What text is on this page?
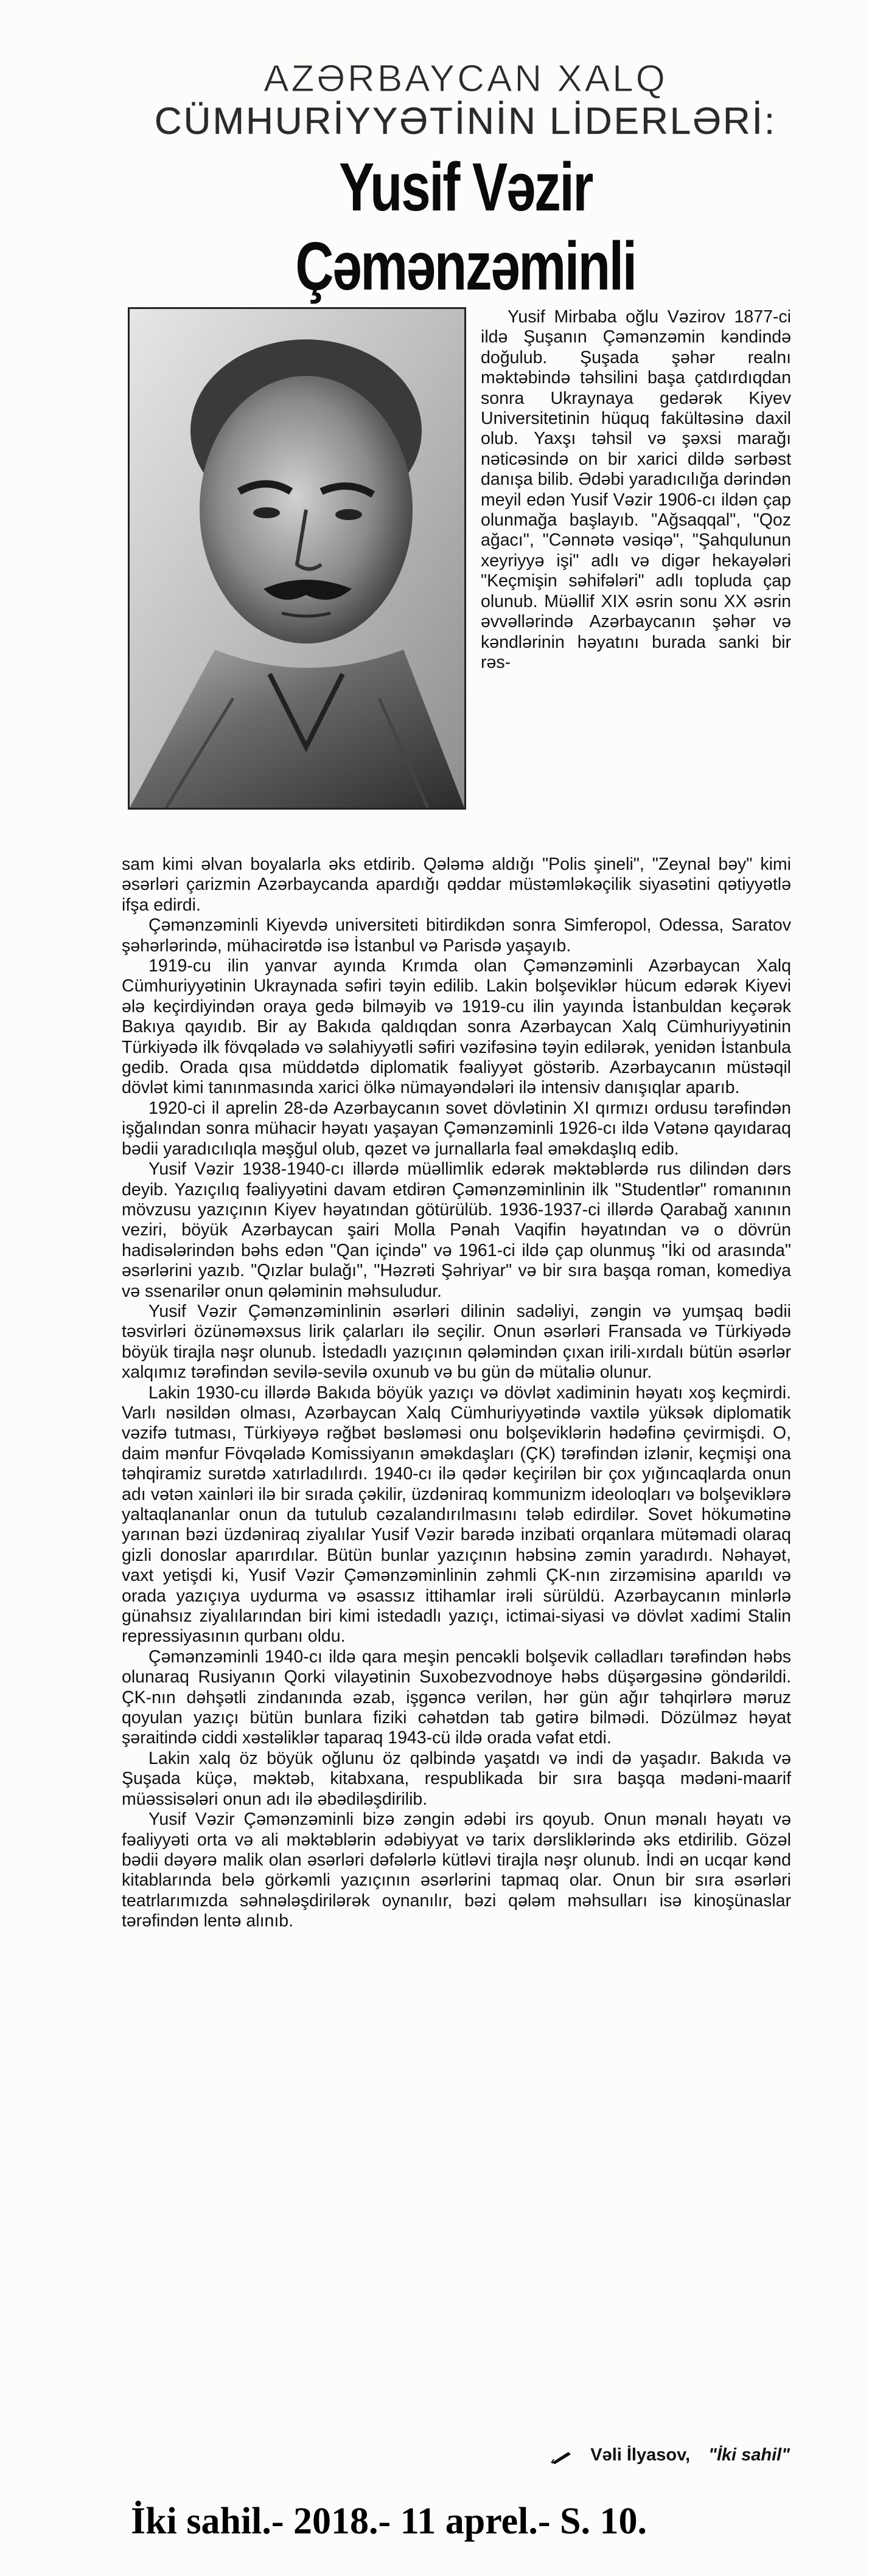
AZƏRBAYCAN XALQ
CÜMHURİYYƏTİNİN LİDERLƏRİ:
Yusif Vəzir Çəmənzəminli

Yusif Mirbaba oğlu Vəzirov 1877-ci ildə Şuşanın Çəmənzəmin kəndində doğulub. Şuşada şəhər realnı məktəbində təhsilini başa çatdırdıqdan sonra Ukraynaya gedərək Kiyev Universitetinin hüquq fakültəsinə daxil olub. Yaxşı təhsil və şəxsi marağı nəticəsində on bir xarici dildə sərbəst danışa bilib. Ədəbi yaradıcılığa dərindən meyil edən Yusif Vəzir 1906-cı ildən çap olunmağa başlayıb. "Ağsaqqal", "Qoz ağacı", "Cənnətə vəsiqə", "Şahqulunun xeyriyyə işi" adlı və digər hekayələri "Keçmişin səhifələri" adlı topluda çap olunub. Müəllif XIX əsrin sonu XX əsrin əvvəllərində Azərbaycanın şəhər və kəndlərinin həyatını burada sanki bir rəs-

sam kimi əlvan boyalarla əks etdirib. Qələmə aldığı "Polis şineli", "Zeynal bəy" kimi əsərləri çarizmin Azərbaycanda apardığı qəddar müstəmləkəçilik siyasətini qətiyyətlə ifşa edirdi.

Çəmənzəminli Kiyevdə universiteti bitirdikdən sonra Simferopol, Odessa, Saratov şəhərlərində, mühacirətdə isə İstanbul və Parisdə yaşayıb.

1919-cu ilin yanvar ayında Krımda olan Çəmənzəminli Azərbaycan Xalq Cümhuriyyətinin Ukraynada səfiri təyin edilib. Lakin bolşeviklər hücum edərək Kiyevi ələ keçirdiyindən oraya gedə bilməyib və 1919-cu ilin yayında İstanbuldan keçərək Bakıya qayıdıb. Bir ay Bakıda qaldıqdan sonra Azərbaycan Xalq Cümhuriyyətinin Türkiyədə ilk fövqəladə və səlahiyyətli səfiri vəzifəsinə təyin edilərək, yenidən İstanbula gedib. Orada qısa müddətdə diplomatik fəaliyyət göstərib. Azərbaycanın müstəqil dövlət kimi tanınmasında xarici ölkə nümayəndələri ilə intensiv danışıqlar aparıb.

1920-ci il aprelin 28-də Azərbaycanın sovet dövlətinin XI qırmızı ordusu tərəfindən işğalından sonra mühacir həyatı yaşayan Çəmənzəminli 1926-cı ildə Vətənə qayıdaraq bədii yaradıcılıqla məşğul olub, qəzet və jurnallarla fəal əməkdaşlıq edib.

Yusif Vəzir 1938-1940-cı illərdə müəllimlik edərək məktəblərdə rus dilindən dərs deyib. Yazıçılıq fəaliyyətini davam etdirən Çəmənzəminlinin ilk "Studentlər" romanının mövzusu yazıçının Kiyev həyatından götürülüb. 1936-1937-ci illərdə Qarabağ xanının veziri, böyük Azərbaycan şairi Molla Pənah Vaqifin həyatından və o dövrün hadisələrindən bəhs edən "Qan içində" və 1961-ci ildə çap olunmuş "İki od arasında" əsərlərini yazıb. "Qızlar bulağı", "Həzrəti Şəhriyar" və bir sıra başqa roman, komediya və ssenarilər onun qələminin məhsuludur.

Yusif Vəzir Çəmənzəminlinin əsərləri dilinin sadəliyi, zəngin və yumşaq bədii təsvirləri özünəməxsus lirik çalarları ilə seçilir. Onun əsərləri Fransada və Türkiyədə böyük tirajla nəşr olunub. İstedadlı yazıçının qələmindən çıxan irili-xırdalı bütün əsərlər xalqımız tərəfindən sevilə-sevilə oxunub və bu gün də mütaliə olunur.

Lakin 1930-cu illərdə Bakıda böyük yazıçı və dövlət xadiminin həyatı xoş keçmirdi. Varlı nəsildən olması, Azərbaycan Xalq Cümhuriyyətində vaxtilə yüksək diplomatik vəzifə tutması, Türkiyəyə rəğbət bəsləməsi onu bolşeviklərin hədəfinə çevirmişdi. O, daim mənfur Fövqəladə Komissiyanın əməkdaşları (ÇK) tərəfindən izlənir, keçmişi ona təhqiramiz surətdə xatırladılırdı. 1940-cı ilə qədər keçirilən bir çox yığıncaqlarda onun adı vətən xainləri ilə bir sırada çəkilir, üzdəniraq kommunizm ideoloqları və bolşeviklərə yaltaqlananlar onun da tutulub cəzalandırılmasını tələb edirdilər. Sovet hökumətinə yarınan bəzi üzdəniraq ziyalılar Yusif Vəzir barədə inzibati orqanlara mütəmadi olaraq gizli donoslar aparırdılar. Bütün bunlar yazıçının həbsinə zəmin yaradırdı. Nəhayət, vaxt yetişdi ki, Yusif Vəzir Çəmənzəminlinin zəhmli ÇK-nın zirzəmisinə aparıldı və orada yazıçıya uydurma və əsassız ittihamlar irəli sürüldü. Azərbaycanın minlərlə günahsız ziyalılarından biri kimi istedadlı yazıçı, ictimai-siyasi və dövlət xadimi Stalin repressiyasının qurbanı oldu.

Çəmənzəminli 1940-cı ildə qara meşin pencəkli bolşevik cəlladları tərəfindən həbs olunaraq Rusiyanın Qorki vilayətinin Suxobezvodnoye həbs düşərgəsinə göndərildi. ÇK-nın dəhşətli zindanında əzab, işgəncə verilən, hər gün ağır təhqirlərə məruz qoyulan yazıçı bütün bunlara fiziki cəhətdən tab gətirə bilmədi. Dözülməz həyat şəraitində ciddi xəstəliklər taparaq 1943-cü ildə orada vəfat etdi.

Lakin xalq öz böyük oğlunu öz qəlbində yaşatdı və indi də yaşadır. Bakıda və Şuşada küçə, məktəb, kitabxana, respublikada bir sıra başqa mədəni-maarif müəssisələri onun adı ilə əbədiləşdirilib.

Yusif Vəzir Çəmənzəminli bizə zəngin ədəbi irs qoyub. Onun mənalı həyatı və fəaliyyəti orta və ali məktəblərin ədəbiyyat və tarix dərsliklərində əks etdirilib. Gözəl bədii dəyərə malik olan əsərləri dəfələrlə kütləvi tirajla nəşr olunub. İndi ən ucqar kənd kitablarında belə görkəmli yazıçının əsərlərini tapmaq olar. Onun bir sıra əsərləri teatrlarımızda səhnələşdirilərək oynanılır, bəzi qələm məhsulları isə kinoşünaslar tərəfindən lentə alınıb.

Vəli İlyasov, "İki sahil"
İki sahil.- 2018.- 11 aprel.- S. 10.
